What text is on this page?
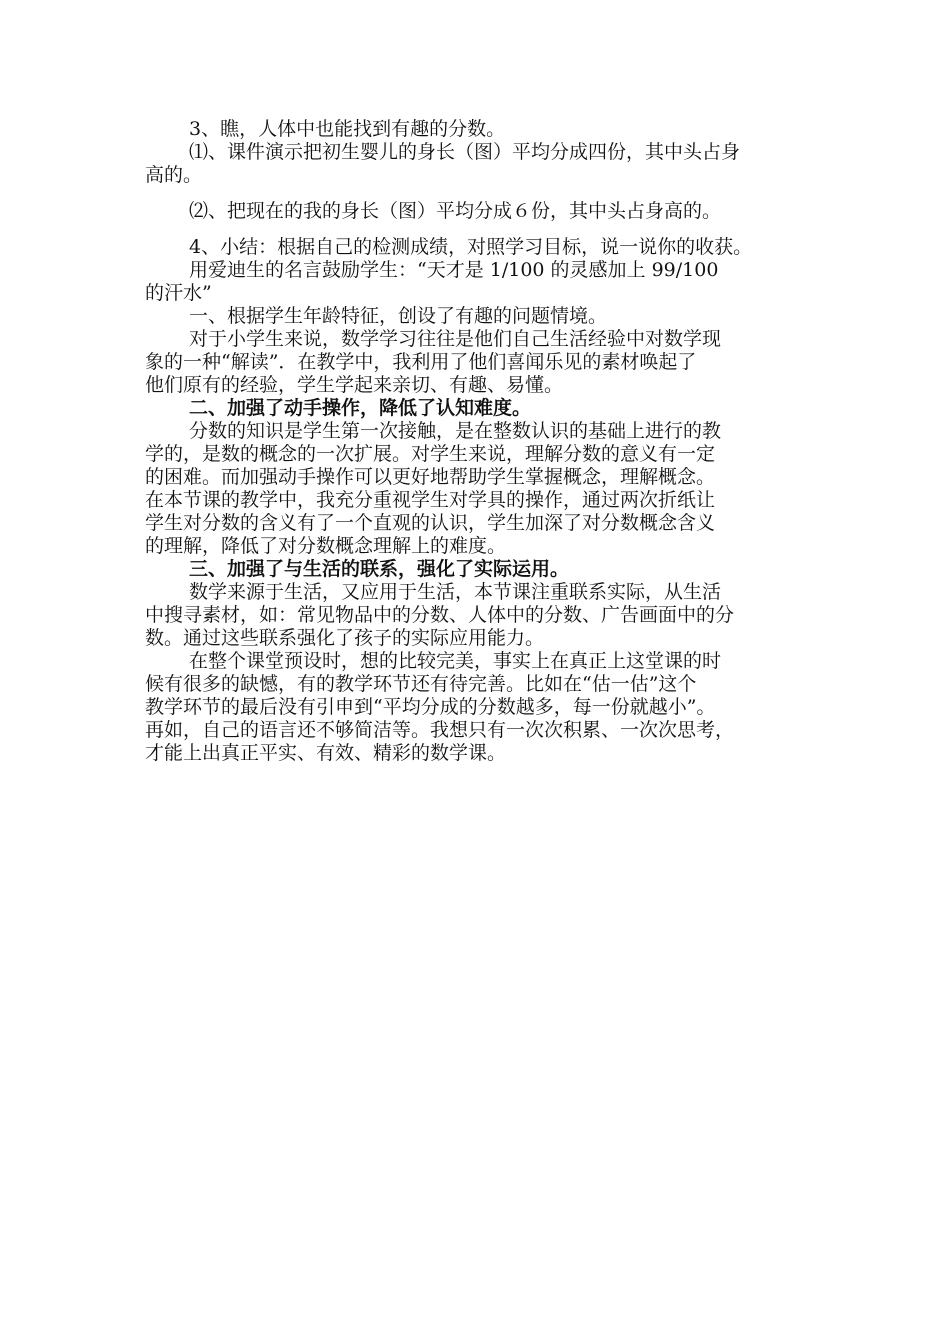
3、瞧，人体中也能找到有趣的分数。
⑴、课件演示把初生婴儿的身长（图）平均分成四份，其中头占身
高的。
⑵、把现在的我的身长（图）平均分成６份，其中头占身高的。
4、小结：根据自己的检测成绩，对照学习目标，说一说你的收获。
用爱迪生的名言鼓励学生：“天才是 1/100 的灵感加上 99/100
的汗水”
一、根据学生年龄特征，创设了有趣的问题情境。
对于小学生来说，数学学习往往是他们自己生活经验中对数学现
象的一种“解读”．在教学中，我利用了他们喜闻乐见的素材唤起了
他们原有的经验，学生学起来亲切、有趣、易懂。
二、加强了动手操作，降低了认知难度。
分数的知识是学生第一次接触，是在整数认识的基础上进行的教
学的，是数的概念的一次扩展。对学生来说，理解分数的意义有一定
的困难。而加强动手操作可以更好地帮助学生掌握概念，理解概念。
在本节课的教学中，我充分重视学生对学具的操作，通过两次折纸让
学生对分数的含义有了一个直观的认识，学生加深了对分数概念含义
的理解，降低了对分数概念理解上的难度。
三、加强了与生活的联系，强化了实际运用。
数学来源于生活，又应用于生活，本节课注重联系实际，从生活
中搜寻素材，如：常见物品中的分数、人体中的分数、广告画面中的分
数。通过这些联系强化了孩子的实际应用能力。
在整个课堂预设时，想的比较完美，事实上在真正上这堂课的时
候有很多的缺憾，有的教学环节还有待完善。比如在“估一估”这个
教学环节的最后没有引申到“平均分成的分数越多，每一份就越小”。
再如，自己的语言还不够简洁等。我想只有一次次积累、一次次思考，
才能上出真正平实、有效、精彩的数学课。
